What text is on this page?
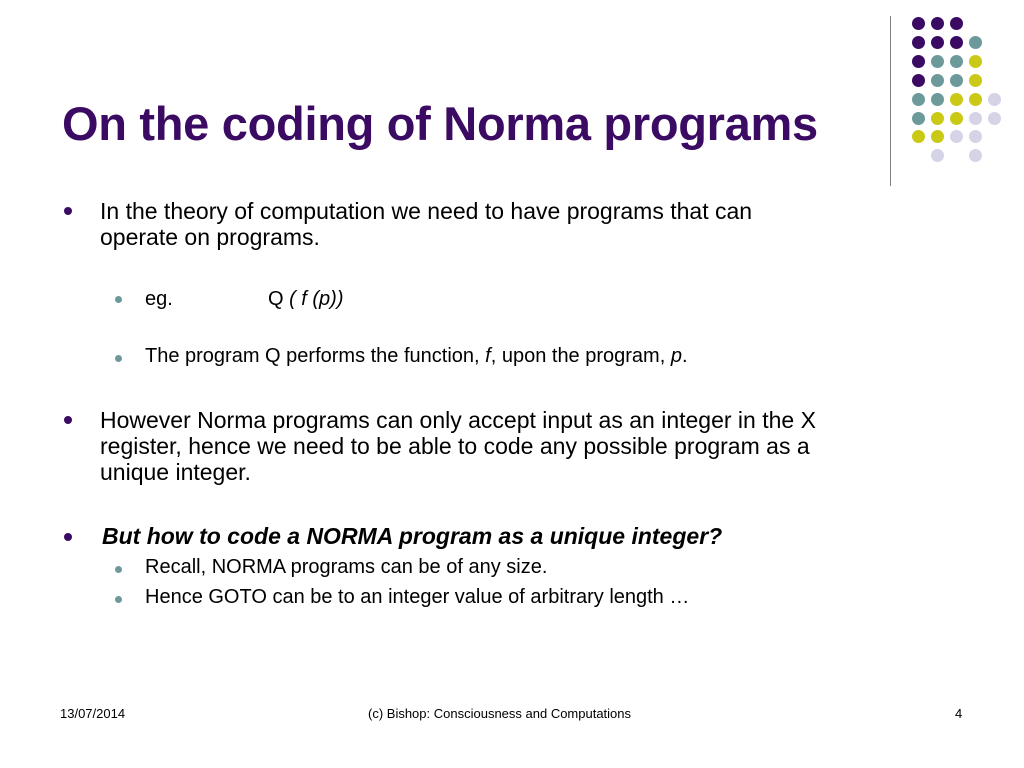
On the coding of Norma programs
In the theory of computation we need to have programs that can
operate on programs.
eg.	Q ( f (p))
The program Q performs the function, f, upon the program, p.
However Norma programs can only accept input as an integer in the X
register, hence we need to be able to code any possible program as a
unique integer.
But how to code a NORMA program as a unique integer?
Recall, NORMA programs can be of any size.
Hence GOTO can be to an integer value of arbitrary length …
13/07/2014	(c) Bishop: Consciousness and Computations	4
